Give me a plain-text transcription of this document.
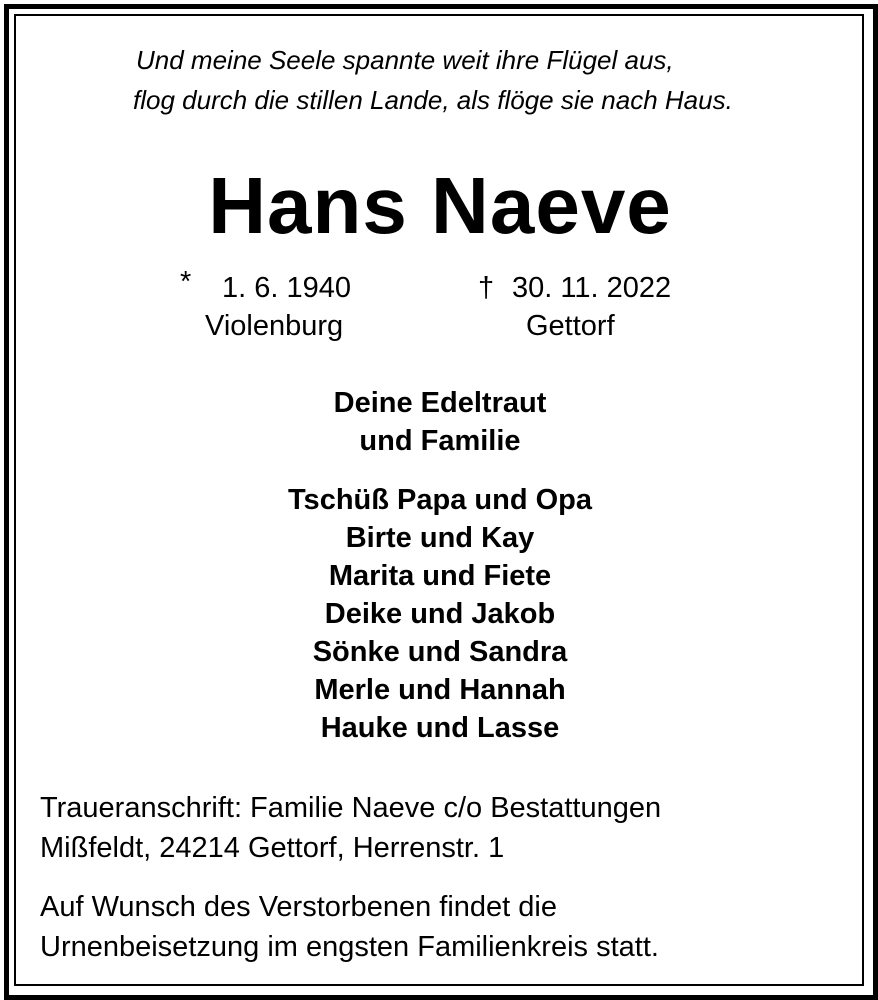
Und meine Seele spannte weit ihre Flügel aus,
flog durch die stillen Lande, als flöge sie nach Haus.
Hans Naeve
* 1. 6. 1940	† 30. 11. 2022
Violenburg	Gettorf
Deine Edeltraut
und Familie
Tschüß Papa und Opa
Birte und Kay
Marita und Fiete
Deike und Jakob
Sönke und Sandra
Merle und Hannah
Hauke und Lasse
Traueranschrift: Familie Naeve c/o Bestattungen
Mißfeldt, 24214 Gettorf, Herrenstr. 1
Auf Wunsch des Verstorbenen findet die
Urnenbeisetzung im engsten Familienkreis statt.
